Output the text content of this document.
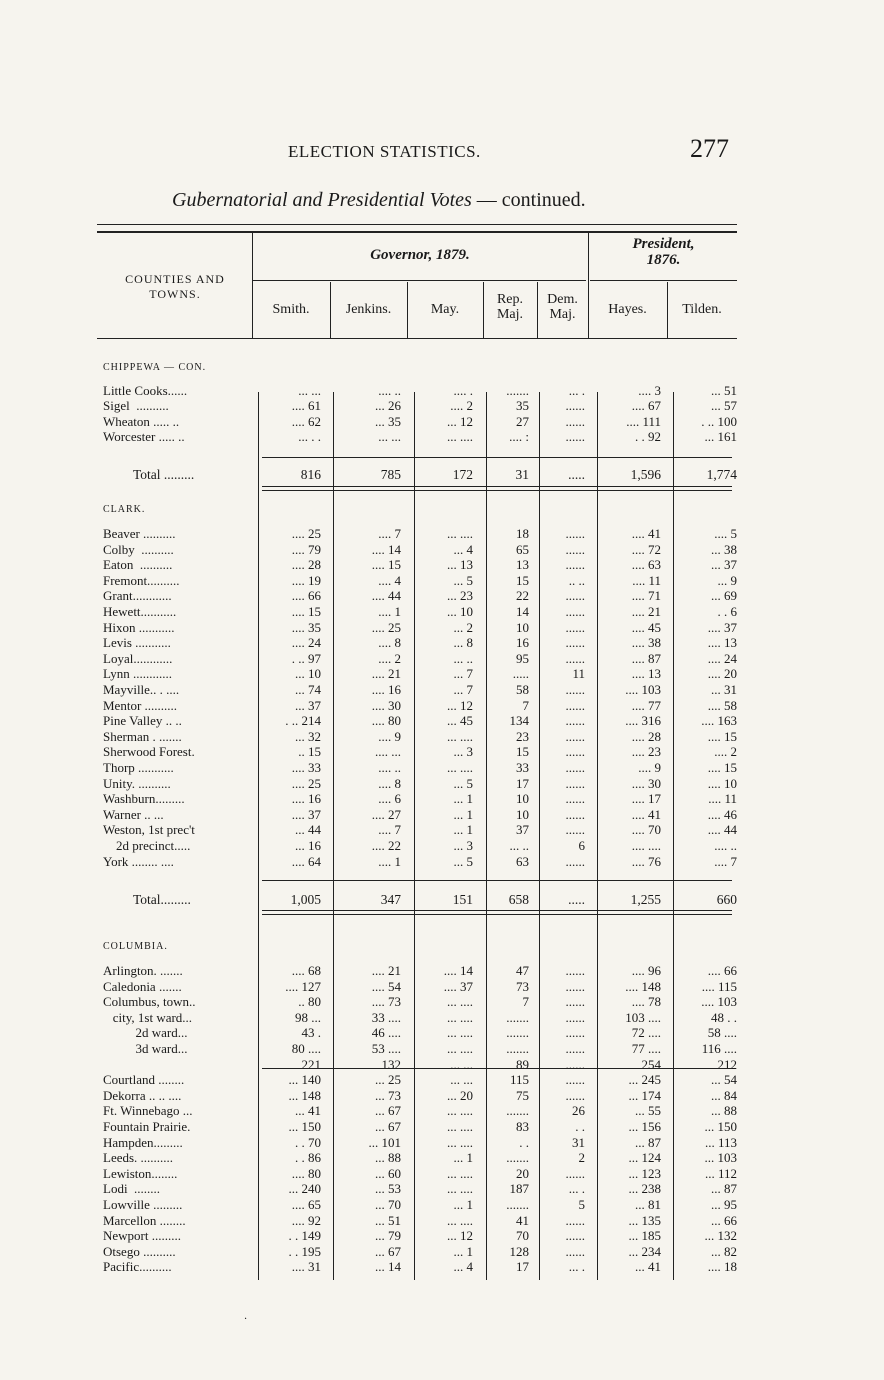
ELECTION STATISTICS.	277
Gubernatorial and Presidential Votes — continued.
COUNTIES AND
TOWNS.
Governor, 1879.
President,
1876.
Smith.	Jenkins.	May.
Rep.
Maj.
Dem.
Maj.	Hayes.	Tilden.
CHIPPEWA — CON.
Little Cooks......	... ...	.... ..	.... .	.......	... .	.... 3	... 51
Sigel  ..........	.... 61	... 26	.... 2	35	......	.... 67	... 57
Wheaton ..... ..	.... 62	... 35	... 12	27	......	.... 111	. .. 100
Worcester ..... ..	... . .	... ...	... ....	.... :	......	. . 92	... 161
Total .........	816	785	172	31	.....	1,596	1,774
CLARK.
Beaver ..........	.... 25	.... 7	... ....	18	......	.... 41	.... 5
Colby  ..........	.... 79	.... 14	... 4	65	......	.... 72	... 38
Eaton  ..........	.... 28	.... 15	... 13	13	......	.... 63	... 37
Fremont..........	.... 19	.... 4	... 5	15	.. ..	.... 11	... 9
Grant............	.... 66	.... 44	... 23	22	......	.... 71	... 69
Hewett...........	.... 15	.... 1	... 10	14	......	.... 21	. . 6
Hixon ...........	.... 35	.... 25	... 2	10	......	.... 45	.... 37
Levis ...........	.... 24	.... 8	... 8	16	......	.... 38	.... 13
Loyal............	. .. 97	.... 2	... ..	95	......	.... 87	.... 24
Lynn ............	... 10	.... 21	... 7	.....	11	.... 13	.... 20
Mayville.. . ....	... 74	.... 16	... 7	58	......	.... 103	... 31
Mentor ..........	... 37	.... 30	... 12	7	......	.... 77	.... 58
Pine Valley .. ..	. .. 214	.... 80	... 45	134	......	.... 316	.... 163
Sherman . .......	... 32	.... 9	... ....	23	......	.... 28	.... 15
Sherwood Forest.	.. 15	.... ...	... 3	15	......	.... 23	.... 2
Thorp ...........	.... 33	.... ..	... ....	33	......	.... 9	.... 15
Unity. ..........	.... 25	.... 8	... 5	17	......	.... 30	.... 10
Washburn.........	.... 16	.... 6	... 1	10	......	.... 17	.... 11
Warner .. ...	.... 37	.... 27	... 1	10	......	.... 41	.... 46
Weston, 1st prec't	... 44	.... 7	... 1	37	......	.... 70	.... 44
2d precinct.....	... 16	.... 22	... 3	... ..	6	.... ....	.... ..
York ........ ....	.... 64	.... 1	... 5	63	......	.... 76	.... 7
Total.........	1,005	347	151	658	.....	1,255	660
COLUMBIA.
Arlington. .......	.... 68	.... 21	.... 14	47	......	.... 96	.... 66
Caledonia .......	.... 127	.... 54	.... 37	73	......	.... 148	.... 115
Columbus, town..	.. 80	.... 73	... ....	7	......	.... 78	.... 103
city, 1st ward...	98 ...	33 ....	... ....	.......	......	103 ....	48 . .
2d ward...	43 .	46 ....	... ....	.......	......	72 ....	58 ....
3d ward...	80 ....	53 ....	... ....	.......	......	77 ....	116 ....
221	132	... ...	89	......	254	212
Courtland ........	... 140	... 25	... ...	115	......	... 245	... 54
Dekorra .. .. ....	... 148	... 73	... 20	75	......	... 174	... 84
Ft. Winnebago ...	... 41	... 67	... ....	.......	26	... 55	... 88
Fountain Prairie.	... 150	... 67	... ....	83	. .	... 156	... 150
Hampden.........	. . 70	... 101	... ....	. .	31	... 87	... 113
Leeds. ..........	. . 86	... 88	... 1	.......	2	... 124	... 103
Lewiston........	.... 80	... 60	... ....	20	......	... 123	... 112
Lodi  ........	... 240	... 53	... ....	187	... .	... 238	... 87
Lowville .........	.... 65	... 70	... 1	.......	5	... 81	... 95
Marcellon ........	.... 92	... 51	... ....	41	......	... 135	... 66
Newport .........	. . 149	... 79	... 12	70	......	... 185	... 132
Otsego ..........	. . 195	... 67	... 1	128	......	... 234	... 82
Pacific..........	.... 31	... 14	... 4	17	... .	... 41	.... 18
·
